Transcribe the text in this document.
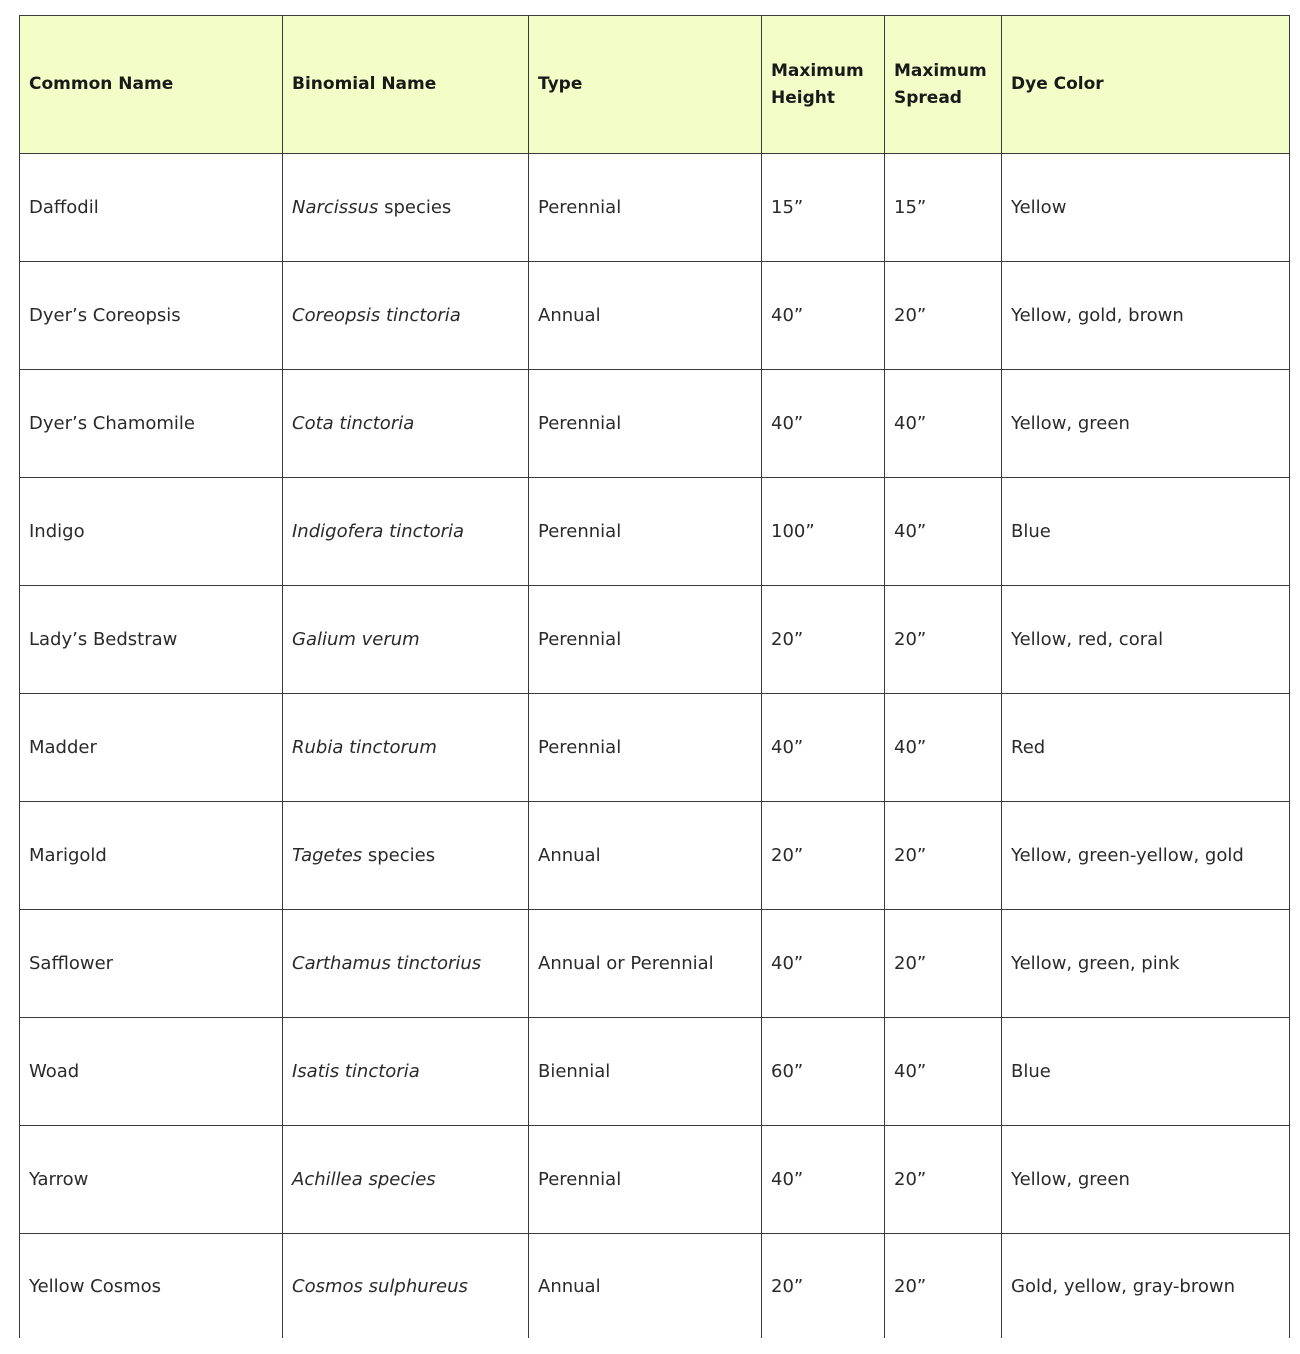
Common Name	Binomial Name	Type	Maximum Height	Maximum Spread	Dye Color
Daffodil	Narcissus species	Perennial	15”	15”	Yellow
Dyer’s Coreopsis	Coreopsis tinctoria	Annual	40”	20”	Yellow, gold, brown
Dyer’s Chamomile	Cota tinctoria	Perennial	40”	40”	Yellow, green
Indigo	Indigofera tinctoria	Perennial	100”	40”	Blue
Lady’s Bedstraw	Galium verum	Perennial	20”	20”	Yellow, red, coral
Madder	Rubia tinctorum	Perennial	40”	40”	Red
Marigold	Tagetes species	Annual	20”	20”	Yellow, green-yellow, gold
Safflower	Carthamus tinctorius	Annual or Perennial	40”	20”	Yellow, green, pink
Woad	Isatis tinctoria	Biennial	60”	40”	Blue
Yarrow	Achillea species	Perennial	40”	20”	Yellow, green
Yellow Cosmos	Cosmos sulphureus	Annual	20”	20”	Gold, yellow, gray-brown
